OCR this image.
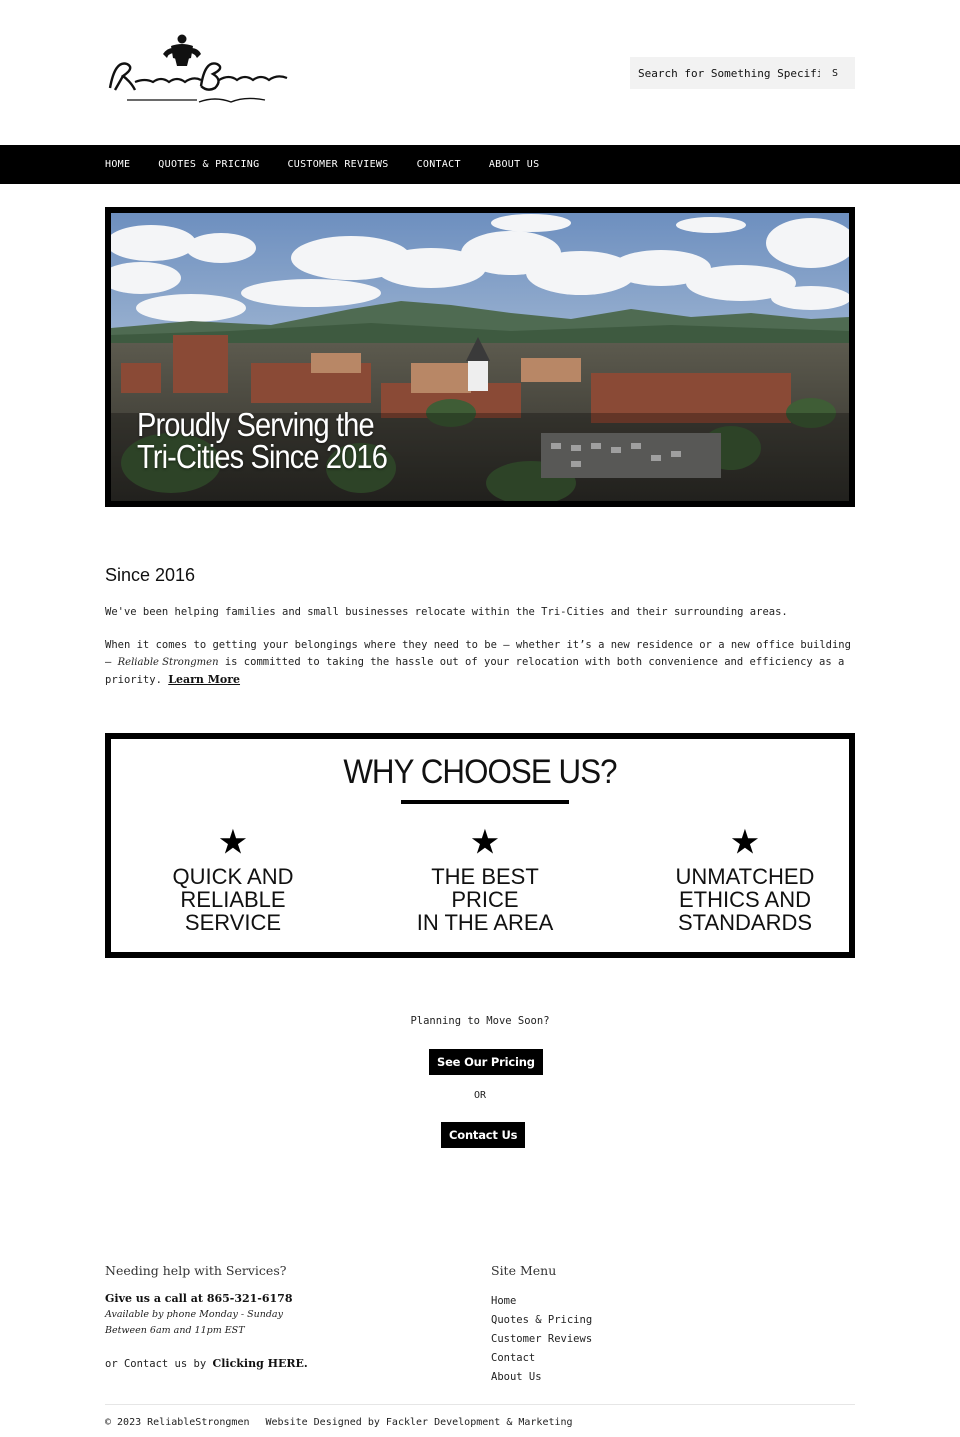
Search for Something Specific...
S
HOME	QUOTES & PRICING	CUSTOMER REVIEWS	CONTACT	ABOUT US
Proudly Serving the
Tri-Cities Since 2016
Since 2016

We've been helping families and small businesses relocate within the Tri-Cities and their surrounding areas.

When it comes to getting your belongings where they need to be – whether it’s a new residence or a new office building – Reliable Strongmen is committed to taking the hassle out of your relocation with both convenience and efficiency as a priority. Learn More

WHY CHOOSE US?
★
QUICK AND
RELIABLE
SERVICE
★
THE BEST
PRICE
IN THE AREA
★
UNMATCHED
ETHICS AND
STANDARDS
Planning to Move Soon?
See Our Pricing
OR
Contact Us
Needing help with Services?
Give us a call at 865-321-6178
Available by phone Monday - Sunday
Between 6am and 11pm EST
or Contact us by Clicking HERE.
Site Menu
Home
Quotes & Pricing
Customer Reviews
Contact
About Us
© 2023 ReliableStrongmen Website Designed by Fackler Development & Marketing
